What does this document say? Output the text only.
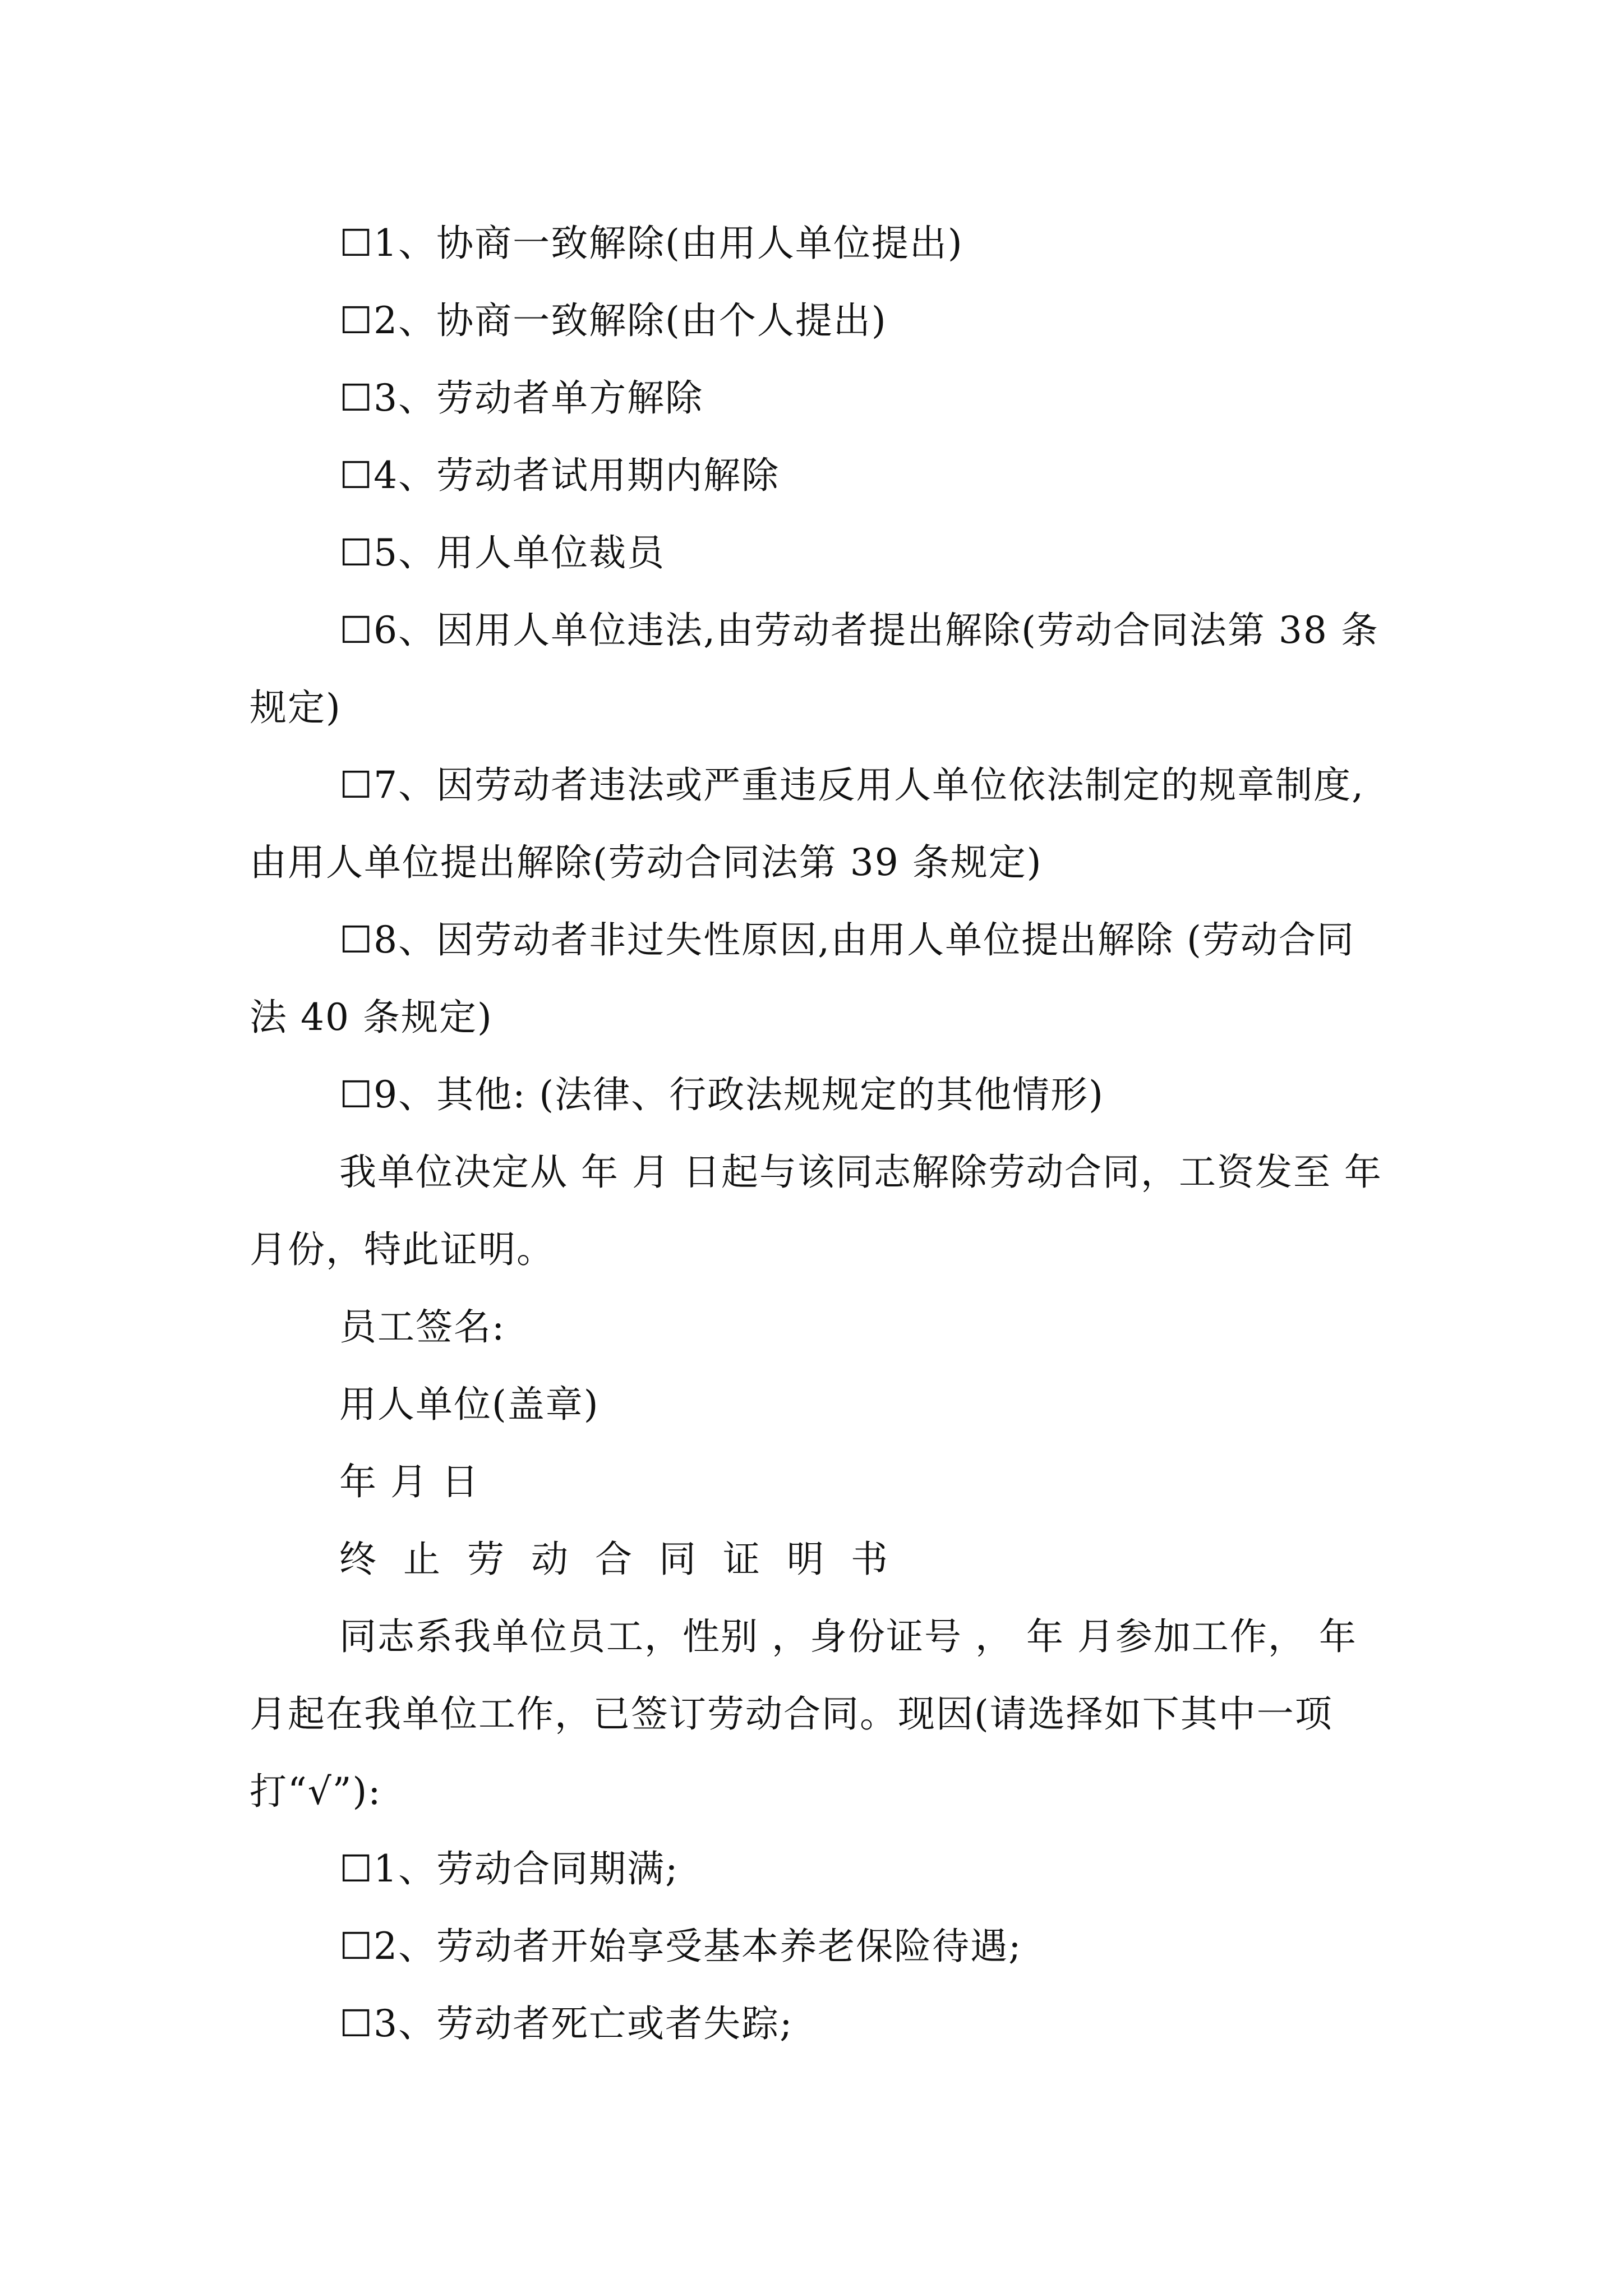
☐1、协商一致解除(由用人单位提出)

☐2、协商一致解除(由个人提出)

☐3、劳动者单方解除

☐4、劳动者试用期内解除

☐5、用人单位裁员

☐6、因用人单位违法,由劳动者提出解除(劳动合同法第 38 条规定)

☐7、因劳动者违法或严重违反用人单位依法制定的规章制度,由用人单位提出解除(劳动合同法第 39 条规定)

☐8、因劳动者非过失性原因,由用人单位提出解除 (劳动合同法 40 条规定)

☐9、其他: (法律、行政法规规定的其他情形)

我单位决定从 年 月 日起与该同志解除劳动合同，工资发至 年 月份，特此证明。

员工签名:

用人单位(盖章)

年 月 日

终止劳动合同证明书

同志系我单位员工，性别 ，身份证号 ， 年 月参加工作， 年 月起在我单位工作，已签订劳动合同。现因(请选择如下其中一项打“√”):

☐1、劳动合同期满;

☐2、劳动者开始享受基本养老保险待遇;

☐3、劳动者死亡或者失踪;
